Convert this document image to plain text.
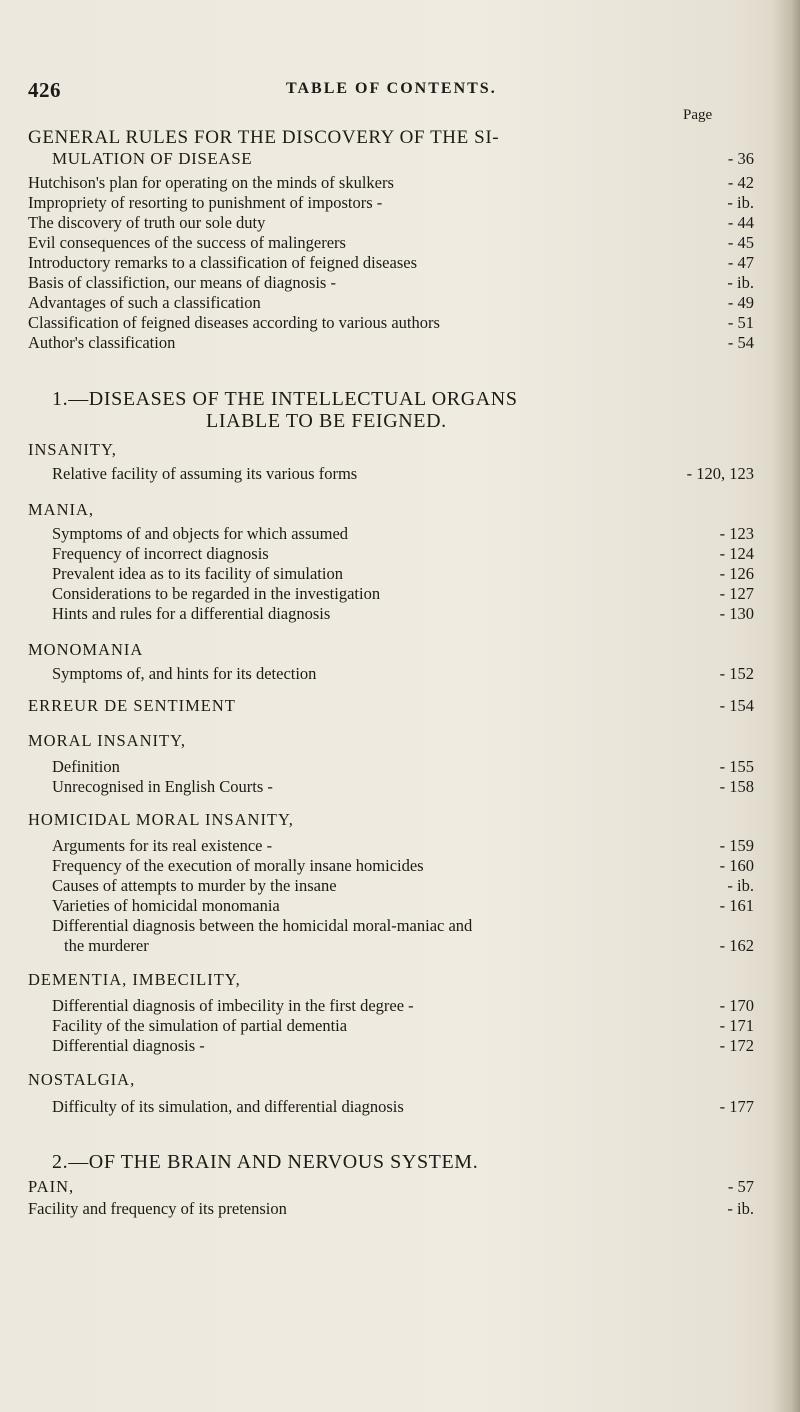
426	TABLE OF CONTENTS.
Page
GENERAL RULES FOR THE DISCOVERY OF THE SI-
MULATION OF DISEASE	- 36
Hutchison's plan for operating on the minds of skulkers	- 42
Impropriety of resorting to punishment of impostors -	- ib.
The discovery of truth our sole duty	- 44
Evil consequences of the success of malingerers	- 45
Introductory remarks to a classification of feigned diseases	- 47
Basis of classifiction, our means of diagnosis -	- ib.
Advantages of such a classification	- 49
Classification of feigned diseases according to various authors	- 51
Author's classification	- 54
1.—DISEASES OF THE INTELLECTUAL ORGANS
LIABLE TO BE FEIGNED.
INSANITY,
Relative facility of assuming its various forms	- 120, 123
MANIA,
Symptoms of and objects for which assumed	- 123
Frequency of incorrect diagnosis	- 124
Prevalent idea as to its facility of simulation	- 126
Considerations to be regarded in the investigation	- 127
Hints and rules for a differential diagnosis	- 130
MONOMANIA
Symptoms of, and hints for its detection	- 152
ERREUR DE SENTIMENT	- 154
MORAL INSANITY,
Definition	- 155
Unrecognised in English Courts -	- 158
HOMICIDAL MORAL INSANITY,
Arguments for its real existence -	- 159
Frequency of the execution of morally insane homicides	- 160
Causes of attempts to murder by the insane	- ib.
Varieties of homicidal monomania	- 161
Differential diagnosis between the homicidal moral-maniac and
the murderer	- 162
DEMENTIA, IMBECILITY,
Differential diagnosis of imbecility in the first degree -	- 170
Facility of the simulation of partial dementia	- 171
Differential diagnosis -	- 172
NOSTALGIA,
Difficulty of its simulation, and differential diagnosis	- 177
2.—OF THE BRAIN AND NERVOUS SYSTEM.
PAIN,	- 57
Facility and frequency of its pretension	- ib.
